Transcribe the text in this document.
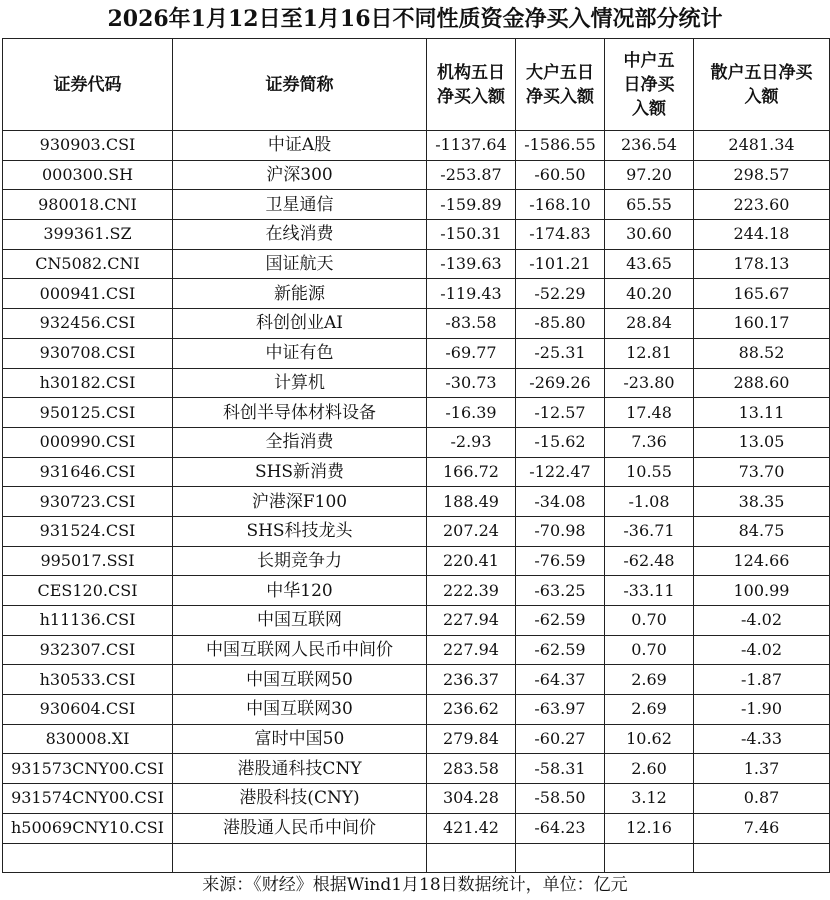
2026年1月12日至1月16日不同性质资金净买入情况部分统计
证券代码	证券简称	机构五日净买入额	大户五日净买入额	中户五日净买入额	散户五日净买入额
930903.CSI	中证A股	-1137.64	-1586.55	236.54	2481.34
000300.SH	沪深300	-253.87	-60.50	97.20	298.57
980018.CNI	卫星通信	-159.89	-168.10	65.55	223.60
399361.SZ	在线消费	-150.31	-174.83	30.60	244.18
CN5082.CNI	国证航天	-139.63	-101.21	43.65	178.13
000941.CSI	新能源	-119.43	-52.29	40.20	165.67
932456.CSI	科创创业AI	-83.58	-85.80	28.84	160.17
930708.CSI	中证有色	-69.77	-25.31	12.81	88.52
h30182.CSI	计算机	-30.73	-269.26	-23.80	288.60
950125.CSI	科创半导体材料设备	-16.39	-12.57	17.48	13.11
000990.CSI	全指消费	-2.93	-15.62	7.36	13.05
931646.CSI	SHS新消费	166.72	-122.47	10.55	73.70
930723.CSI	沪港深F100	188.49	-34.08	-1.08	38.35
931524.CSI	SHS科技龙头	207.24	-70.98	-36.71	84.75
995017.SSI	长期竞争力	220.41	-76.59	-62.48	124.66
CES120.CSI	中华120	222.39	-63.25	-33.11	100.99
h11136.CSI	中国互联网	227.94	-62.59	0.70	-4.02
932307.CSI	中国互联网人民币中间价	227.94	-62.59	0.70	-4.02
h30533.CSI	中国互联网50	236.37	-64.37	2.69	-1.87
930604.CSI	中国互联网30	236.62	-63.97	2.69	-1.90
830008.XI	富时中国50	279.84	-60.27	10.62	-4.33
931573CNY00.CSI	港股通科技CNY	283.58	-58.31	2.60	1.37
931574CNY00.CSI	港股科技(CNY)	304.28	-58.50	3.12	0.87
h50069CNY10.CSI	港股通人民币中间价	421.42	-64.23	12.16	7.46

来源：《财经》根据Wind1月18日数据统计，单位：亿元
